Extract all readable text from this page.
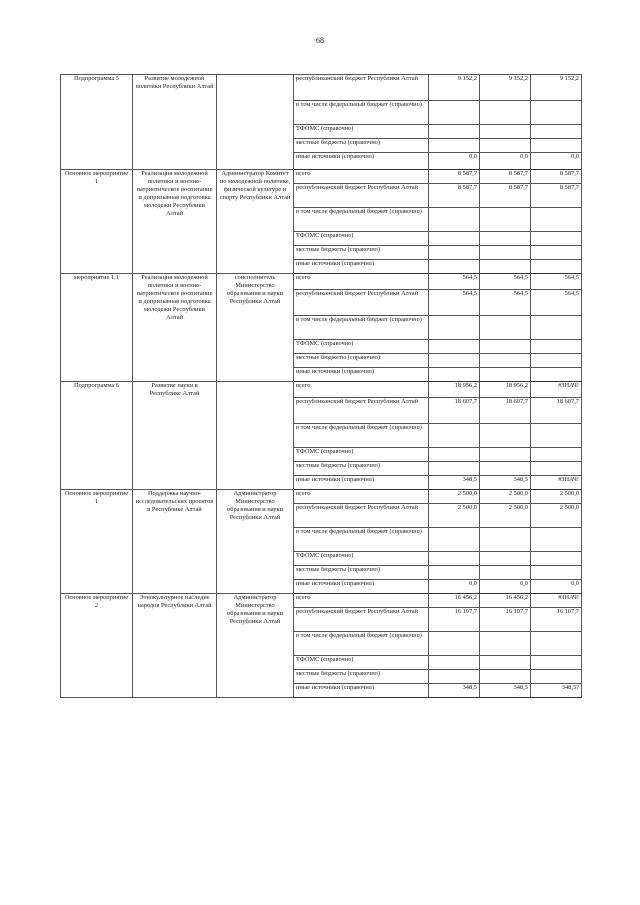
68
Подпрограмма 5	Развитие молодежной политики Республики Алтай		республиканский бюджет Республики Алтай	9 152,2	9 152,2	9 152,2
			в том числе федеральный бюджет (справочно)			
			ТФОМС (справочно)			
			местные бюджеты (справочно)			
			иные источники (справочно)	0,0	0,0	0,0
Основное мероприятие 1	Реализация молодежной политики и военно-патриотическое воспитание и допризывная подготовка молодежи Республики Алтай	Администратор Комитет по молодежной политике, физической культуре и спорту Республики Алтай	всего	8 587,7	8 587,7	8 587,7
			республиканский бюджет Республики Алтай	8 587,7	8 587,7	8 587,7
			в том числе федеральный бюджет (справочно)			
			ТФОМС (справочно)			
			местные бюджеты (справочно)			
			иные источники (справочно)			
мероприятие 1.1	Реализация молодежной политики и военно-патриотическое воспитание и допризывная подготовка молодежи Республики Алтай	соисполнитель Министерство образования и науки Республики Алтай	всего	564,5	564,5	564,5
			республиканский бюджет Республики Алтай	564,5	564,5	564,5
			в том числе федеральный бюджет (справочно)			
			ТФОМС (справочно)			
			местные бюджеты (справочно)			
			иные источники (справочно)			
Подпрограмма 6	Развитие науки в Республике Алтай		всего	18 956,2	18 956,2	#ЗНАЧ!
			республиканский бюджет Республики Алтай	18 607,7	18 607,7	18 607,7
			в том числе федеральный бюджет (справочно)			
			ТФОМС (справочно)			
			местные бюджеты (справочно)			
			иные источники (справочно)	348,5	348,5	#ЗНАЧ!
Основное мероприятие 1	Поддержка научно-исследовательских проектов в Республике Алтай	Администратор Министерство образования и науки Республики Алтай	всего	2 500,0	2 500,0	2 500,0
			республиканский бюджет Республики Алтай	2 500,0	2 500,0	2 500,0
			в том числе федеральный бюджет (справочно)			
			ТФОМС (справочно)			
			местные бюджеты (справочно)			
			иные источники (справочно)	0,0	0,0	0,0
Основное мероприятие 2	Этнокультурное наследие народов Республики Алтай	Администратор Министерство образования и науки Республики Алтай	всего	16 456,2	16 456,2	#ЗНАЧ!
			республиканский бюджет Республики Алтай	16 107,7	16 107,7	16 107,7
			в том числе федеральный бюджет (справочно)			
			ТФОМС (справочно)			
			местные бюджеты (справочно)			
			иные источники (справочно)	348,5	348,5	348,5?
